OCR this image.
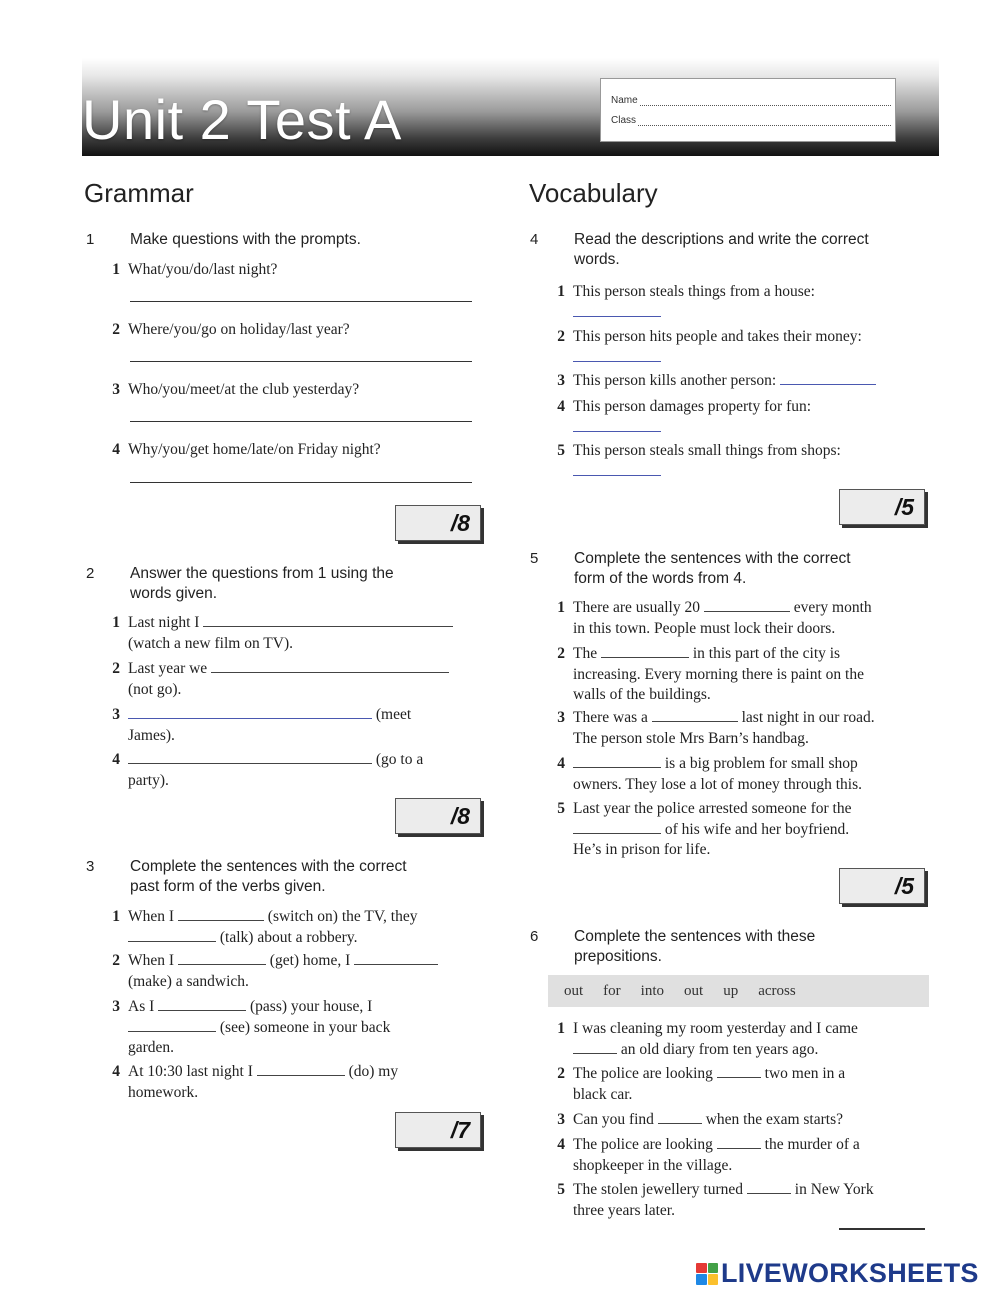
Unit 2 Test A	Name
Class
Grammar
1 Make questions with the prompts.
1 What/you/do/last night?
2 Where/you/go on holiday/last year?
3 Who/you/meet/at the club yesterday?
4 Why/you/get home/late/on Friday night?
/8
2 Answer the questions from 1 using the
words given.
1 Last night I
(watch a new film on TV).
2 Last year we
(not go).
3	(meet
James).
4	(go to a
party).
/8
3 Complete the sentences with the correct
past form of the verbs given.
1 When I	(switch on) the TV, they
(talk) about a robbery.
2 When I	(get) home, I
(make) a sandwich.
3 As I	(pass) your house, I
(see) someone in your back
garden.
4 At 10:30 last night I	(do) my
homework.
/7
Vocabulary
4 Read the descriptions and write the correct
words.
1 This person steals things from a house:

2 This person hits people and takes their money:

3 This person kills another person:
4 This person damages property for fun:

5 This person steals small things from shops:

/5
5 Complete the sentences with the correct
form of the words from 4.
1 There are usually 20	every month
in this town. People must lock their doors.
2 The	in this part of the city is
increasing. Every morning there is paint on the
walls of the buildings.
3 There was a	last night in our road.
The person stole Mrs Barn’s handbag.
4	is a big problem for small shop
owners. They lose a lot of money through this.
5 Last year the police arrested someone for the
of his wife and her boyfriend.
He’s in prison for life.
/5
6 Complete the sentences with these
prepositions.
out for into out up across
1 I was cleaning my room yesterday and I came
an old diary from ten years ago.
2 The police are looking	two men in a
black car.
3 Can you find	when the exam starts?
4 The police are looking	the murder of a
shopkeeper in the village.
5 The stolen jewellery turned	in New York
three years later.
LIVEWORKSHEETS
